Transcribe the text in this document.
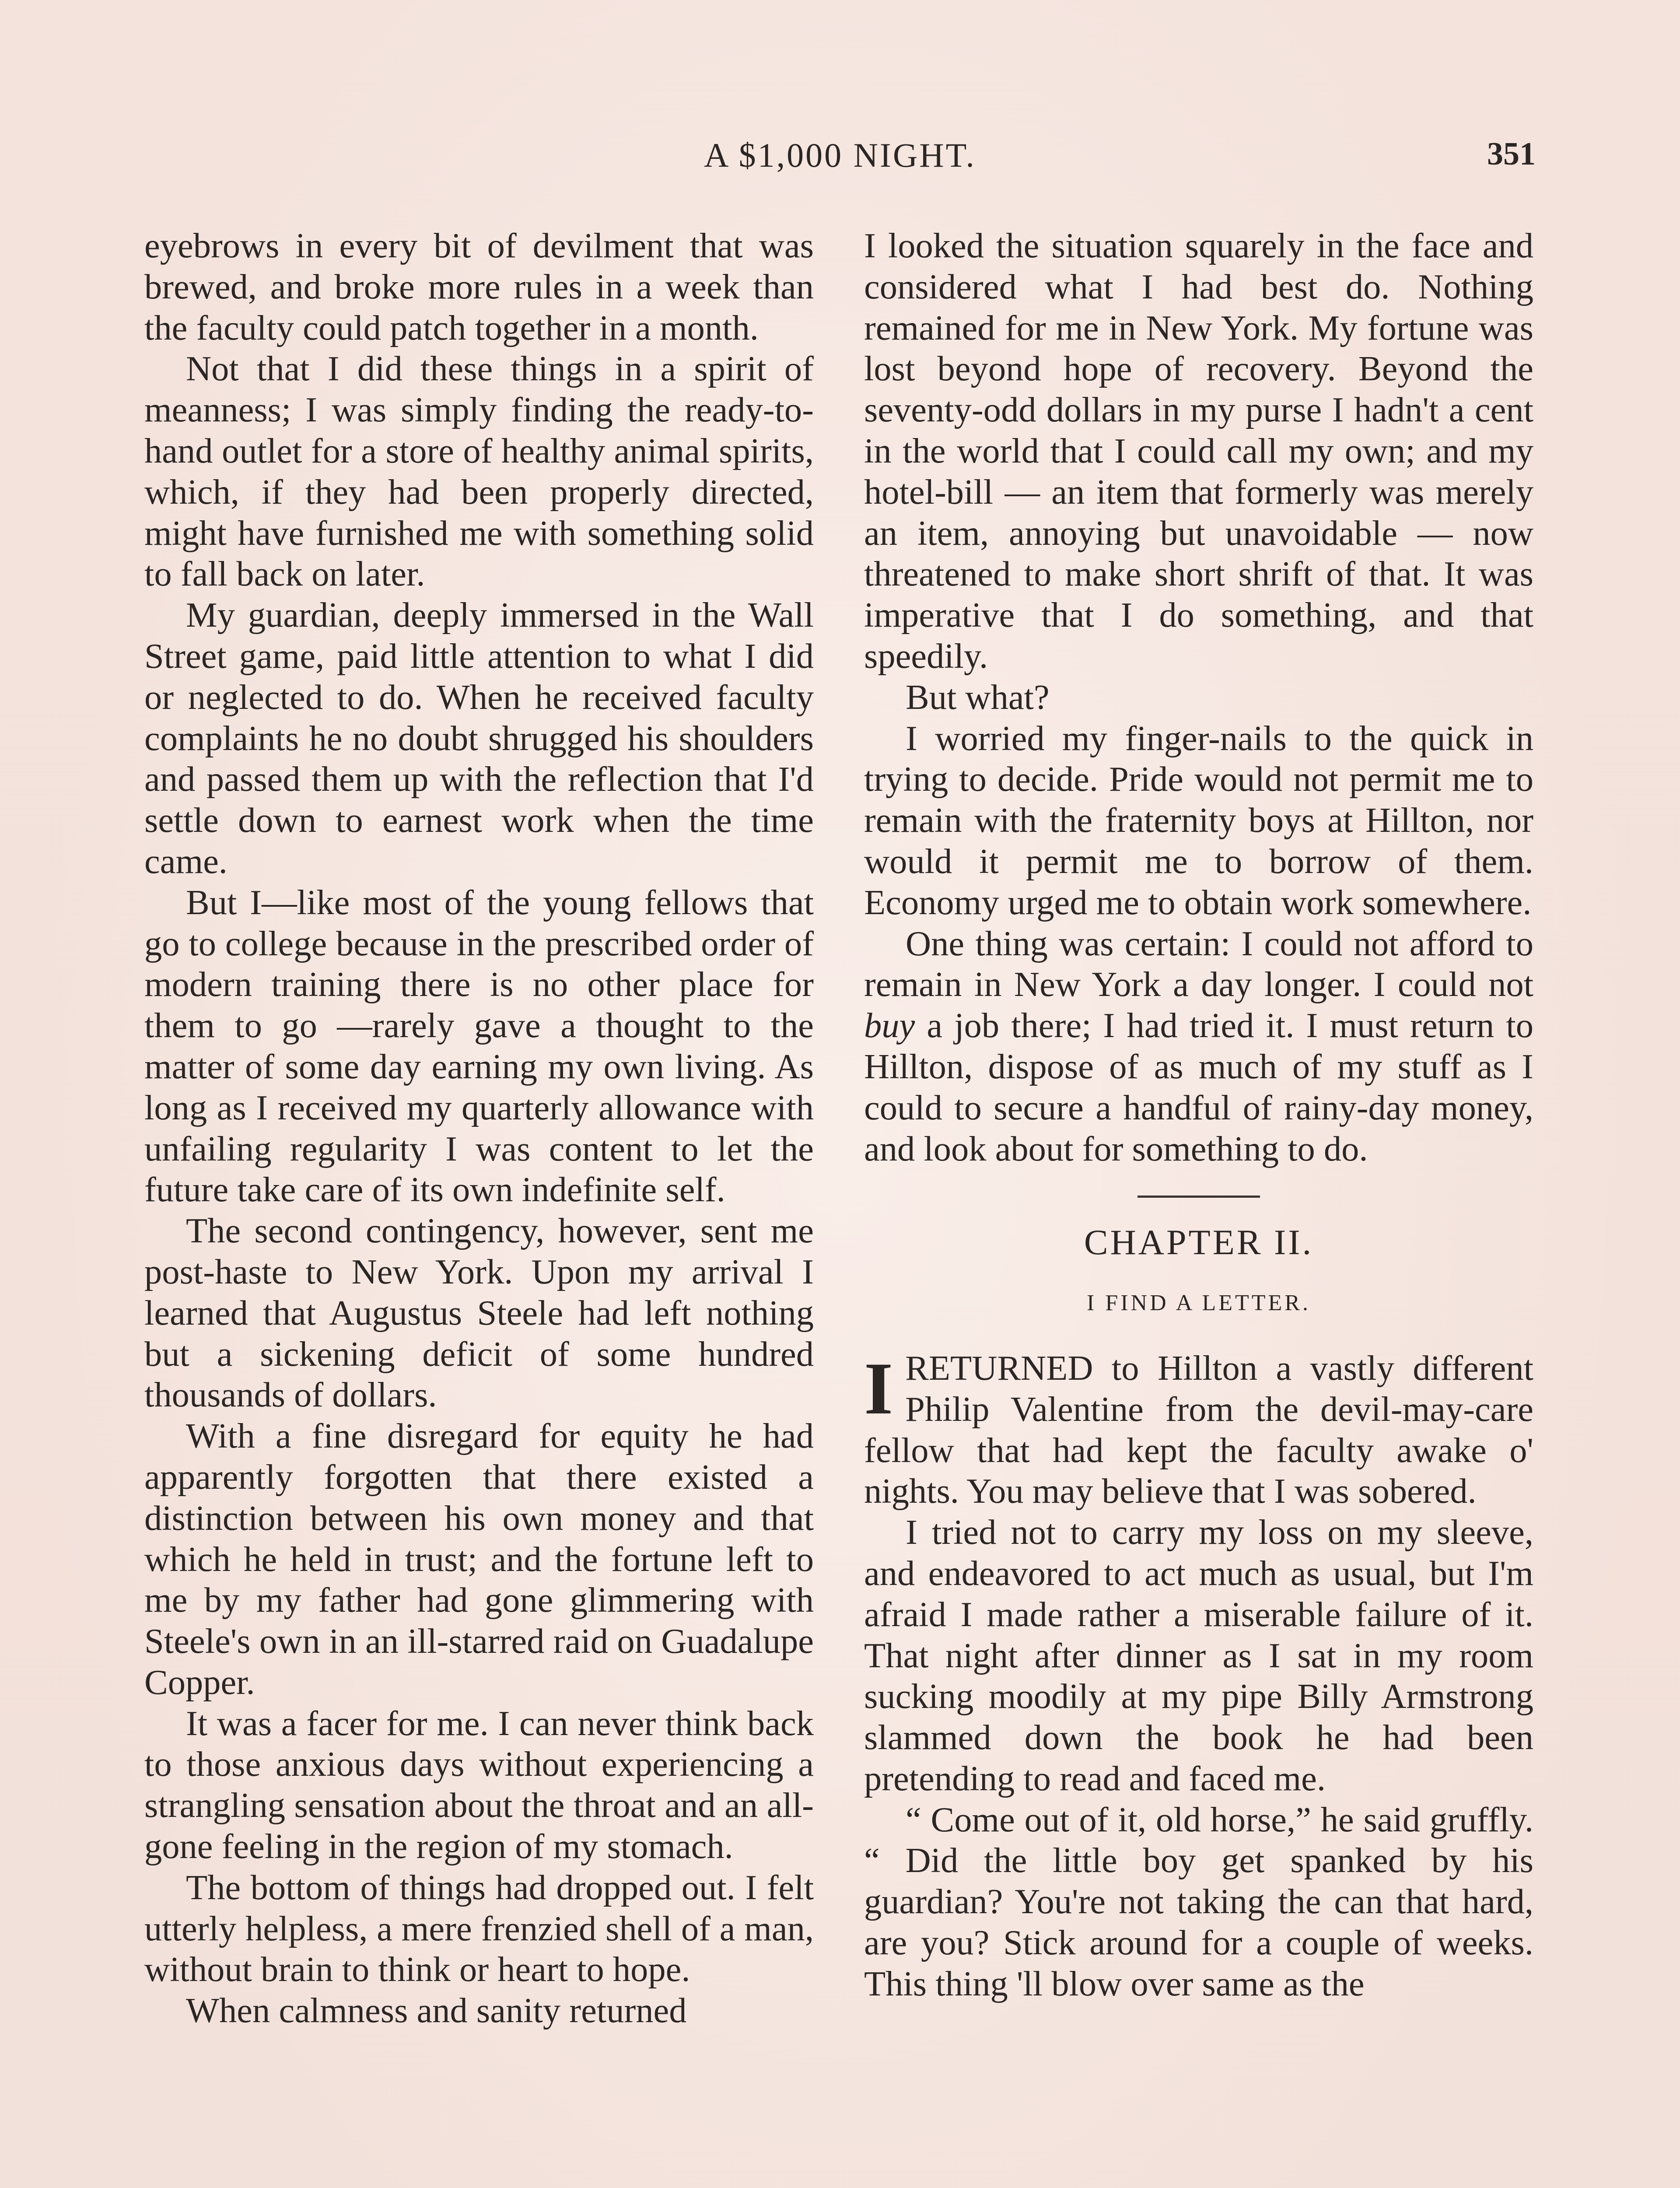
A $1,000 NIGHT.	351

eyebrows in every bit of devilment that was brewed, and broke more rules in a week than the faculty could patch together in a month.

Not that I did these things in a spirit of meanness; I was simply finding the ready-to-hand outlet for a store of healthy animal spirits, which, if they had been properly directed, might have furnished me with something solid to fall back on later.

My guardian, deeply immersed in the Wall Street game, paid little attention to what I did or neglected to do. When he received faculty complaints he no doubt shrugged his shoulders and passed them up with the reflection that I'd settle down to earnest work when the time came.

But I—like most of the young fellows that go to college because in the prescribed order of modern training there is no other place for them to go —rarely gave a thought to the matter of some day earning my own living. As long as I received my quarterly allowance with unfailing regularity I was content to let the future take care of its own indefinite self.

The second contingency, however, sent me post-haste to New York. Upon my arrival I learned that Augustus Steele had left nothing but a sickening deficit of some hundred thousands of dollars.

With a fine disregard for equity he had apparently forgotten that there existed a distinction between his own money and that which he held in trust; and the fortune left to me by my father had gone glimmering with Steele's own in an ill-starred raid on Guadalupe Copper.

It was a facer for me. I can never think back to those anxious days without experiencing a strangling sensation about the throat and an all-gone feeling in the region of my stomach.

The bottom of things had dropped out. I felt utterly helpless, a mere frenzied shell of a man, without brain to think or heart to hope.

When calmness and sanity returned

I looked the situation squarely in the face and considered what I had best do. Nothing remained for me in New York. My fortune was lost beyond hope of recovery. Beyond the seventy-odd dollars in my purse I hadn't a cent in the world that I could call my own; and my hotel-bill — an item that formerly was merely an item, annoying but unavoidable — now threatened to make short shrift of that. It was imperative that I do something, and that speedily.

But what?

I worried my finger-nails to the quick in trying to decide. Pride would not permit me to remain with the fraternity boys at Hillton, nor would it permit me to borrow of them. Economy urged me to obtain work somewhere.

One thing was certain: I could not afford to remain in New York a day longer. I could not buy a job there; I had tried it. I must return to Hillton, dispose of as much of my stuff as I could to secure a handful of rainy-day money, and look about for something to do.

CHAPTER II.
I FIND A LETTER.

I RETURNED to Hillton a vastly different Philip Valentine from the devil-may-care fellow that had kept the faculty awake o' nights. You may believe that I was sobered.

I tried not to carry my loss on my sleeve, and endeavored to act much as usual, but I'm afraid I made rather a miserable failure of it. That night after dinner as I sat in my room sucking moodily at my pipe Billy Armstrong slammed down the book he had been pretending to read and faced me.

“ Come out of it, old horse,” he said gruffly. “ Did the little boy get spanked by his guardian? You're not taking the can that hard, are you? Stick around for a couple of weeks. This thing 'll blow over same as the
